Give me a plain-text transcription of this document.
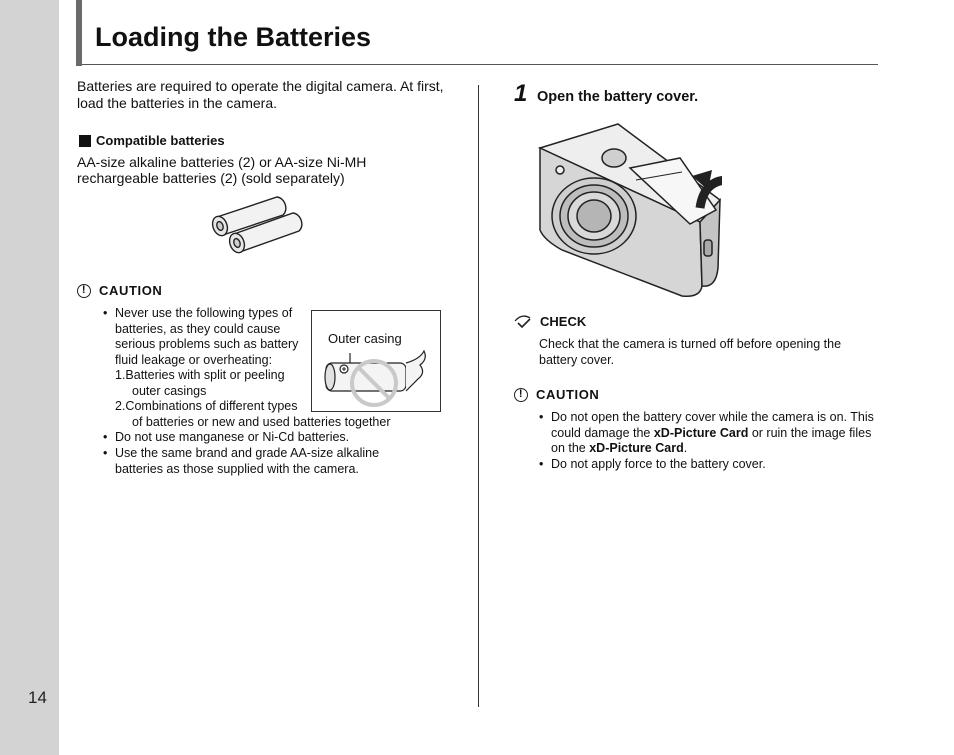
14
Loading the Batteries
Batteries are required to operate the digital camera. At first, load the batteries in the camera.
Compatible batteries
AA-size alkaline batteries (2) or AA-size Ni-MH rechargeable batteries (2) (sold separately)
! CAUTION
• Never use the following types of batteries, as they could cause serious problems such as battery fluid leakage or overheating:
1.Batteries with split or peeling
outer casings
2.Combinations of different types
of batteries or new and used batteries together
• Do not use manganese or Ni-Cd batteries.
• Use the same brand and grade AA-size alkaline batteries as those supplied with the camera.
Outer casing
1 Open the battery cover.
CHECK
Check that the camera is turned off before opening the battery cover.
! CAUTION
• Do not open the battery cover while the camera is on. This could damage the xD-Picture Card or ruin the image files on the xD-Picture Card.
• Do not apply force to the battery cover.
